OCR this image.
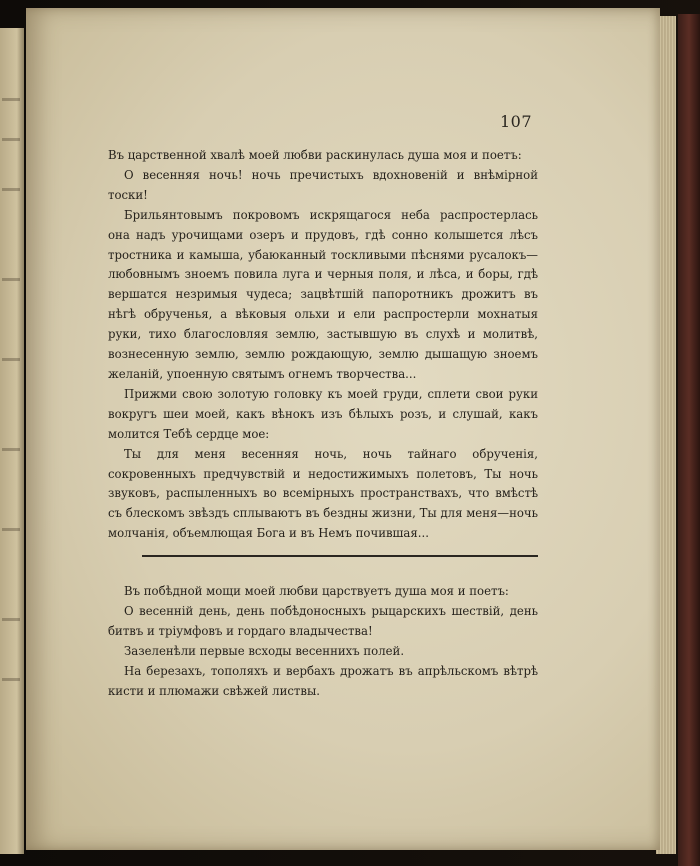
107

Въ царственной хвалѣ моей любви раскинулась душа моя и поетъ:

О весенняя ночь! ночь пречистыхъ вдохновеній и внѣмірной тоски!

Брильянтовымъ покровомъ искрящагося неба распростерлась она надъ урочищами озеръ и прудовъ, гдѣ сонно колышется лѣсъ тростника и камыша, убаюканный тоскливыми пѣснями русалокъ—любовнымъ зноемъ повила луга и черныя поля, и лѣса, и боры, гдѣ вершатся незримыя чудеса; зацвѣтшій папоротникъ дрожитъ въ нѣгѣ обрученья, а вѣковыя ольхи и ели распростерли мохнатыя руки, тихо благословляя землю, застывшую въ слухѣ и молитвѣ, вознесенную землю, землю рождающую, землю дышащую зноемъ желаній, упоенную святымъ огнемъ творчества...

Прижми свою золотую головку къ моей груди, сплети свои руки вокругъ шеи моей, какъ вѣнокъ изъ бѣлыхъ розъ, и слушай, какъ молится Тебѣ сердце мое:

Ты для меня весенняя ночь, ночь тайнаго обрученія, сокровенныхъ предчувствій и недостижимыхъ полетовъ, Ты ночь звуковъ, распыленныхъ во всемірныхъ пространствахъ, что вмѣстѣ съ блескомъ звѣздъ сплываютъ въ бездны жизни, Ты для меня—ночь молчанія, объемлющая Бога и въ Немъ почившая...

Въ побѣдной мощи моей любви царствуетъ душа моя и поетъ:

О весенній день, день побѣдоносныхъ рыцарскихъ шествій, день битвъ и тріумфовъ и гордаго владычества!

Зазеленѣли первые всходы весеннихъ полей.

На березахъ, тополяхъ и вербахъ дрожатъ въ апрѣльскомъ вѣтрѣ кисти и плюмажи свѣжей листвы.
